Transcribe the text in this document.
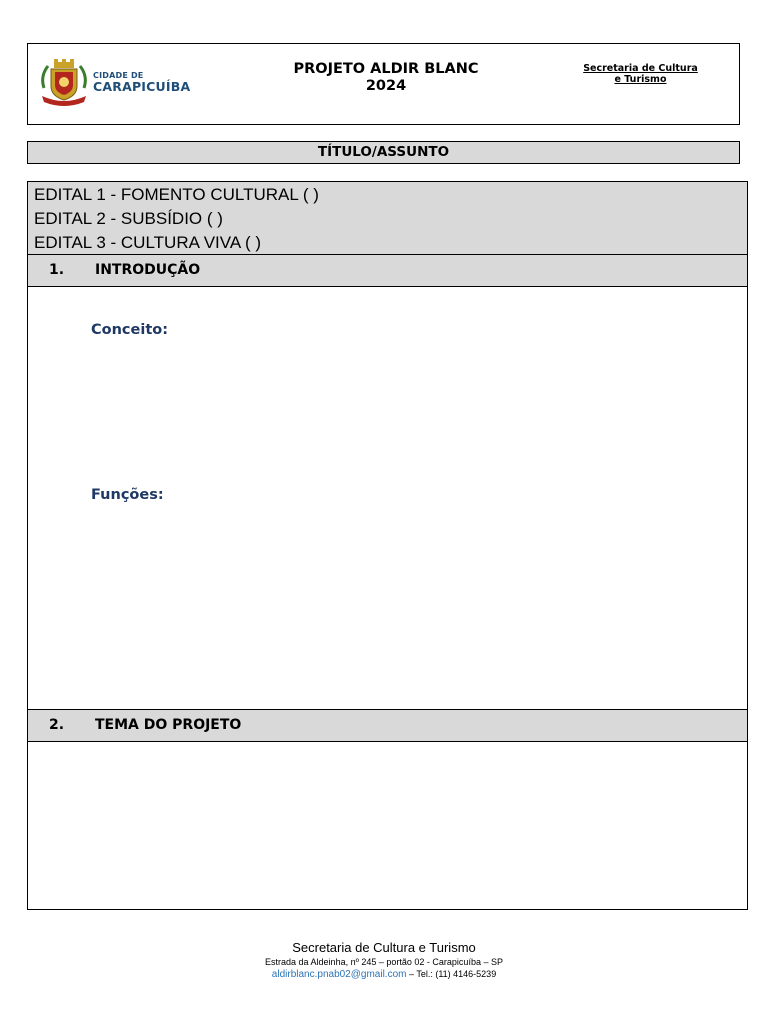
CIDADE DE
CARAPICUÍBA
PROJETO ALDIR BLANC
2024
Secretaria de Cultura
e Turismo
TÍTULO/ASSUNTO
EDITAL 1 - FOMENTO CULTURAL ( )
EDITAL 2 - SUBSÍDIO ( )
EDITAL 3 - CULTURA VIVA ( )
1. INTRODUÇÃO
Conceito:
Funções:
2. TEMA DO PROJETO
Secretaria de Cultura e Turismo
Estrada da Aldeinha, nº 245 – portão 02 - Carapicuíba – SP
aldirblanc.pnab02@gmail.com – Tel.: (11) 4146-5239
